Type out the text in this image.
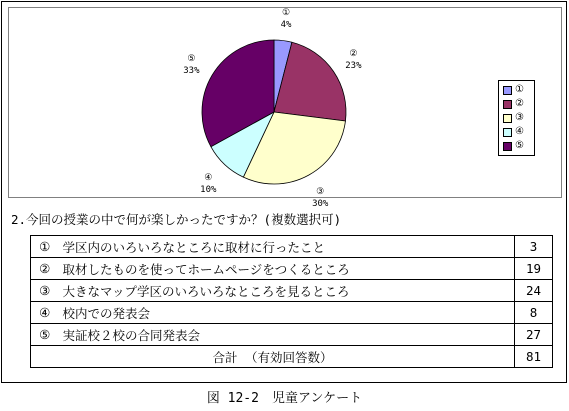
①
4%
②
23%
③
30%
④
10%
⑤
33%
①
②
③
④
⑤
2.今回の授業の中で何が楽しかったですか？(複数選択可)
①	学区内のいろいろなところに取材に行ったこと	3
②	取材したものを使ってホームページをつくるところ	19
③	大きなマップ学区のいろいろなところを見るところ	24
④	校内での発表会	8
⑤	実証校２校の合同発表会	27
合計 （有効回答数）		81
図 12-2　児童アンケート
